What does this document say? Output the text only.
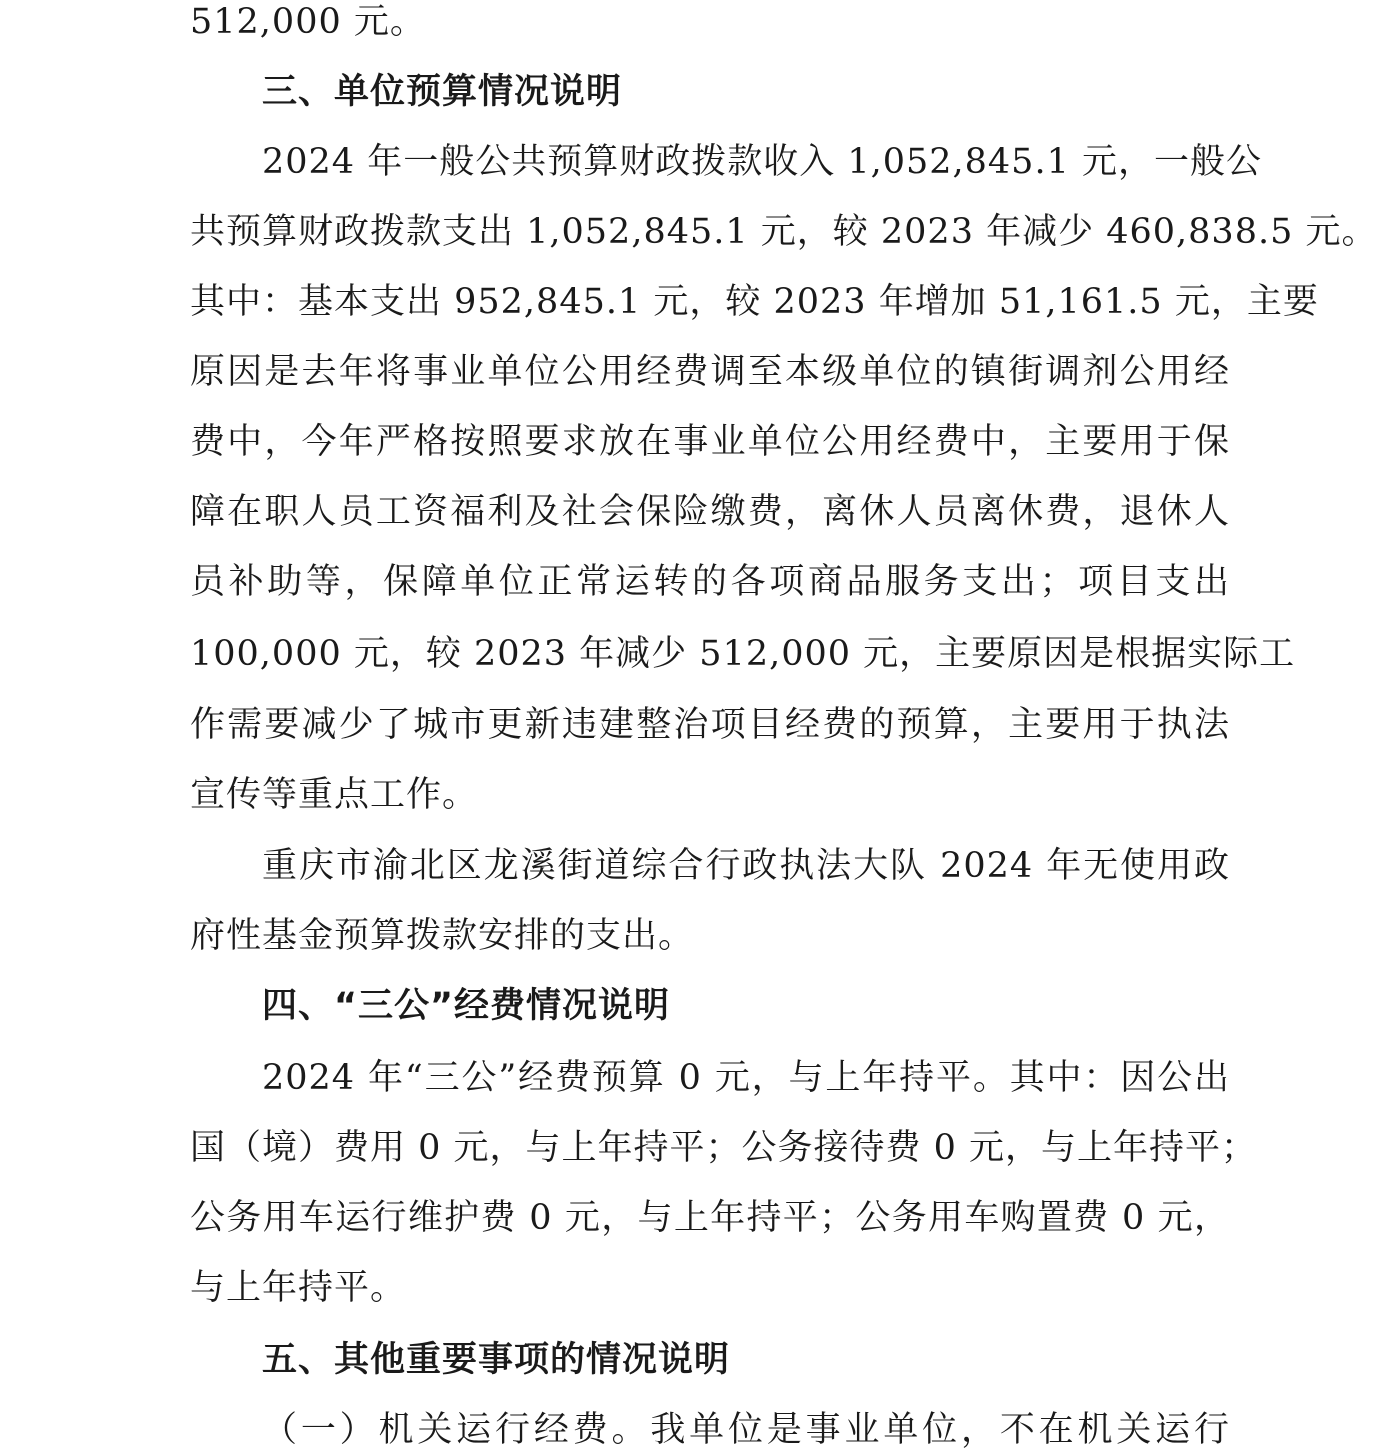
512,000 元。
三、单位预算情况说明
2024 年一般公共预算财政拨款收入 1,052,845.1 元，一般公
共预算财政拨款支出 1,052,845.1 元，较 2023 年减少 460,838.5 元。
其中：基本支出 952,845.1 元，较 2023 年增加 51,161.5 元，主要
原因是去年将事业单位公用经费调至本级单位的镇街调剂公用经
费中，今年严格按照要求放在事业单位公用经费中，主要用于保
障在职人员工资福利及社会保险缴费，离休人员离休费，退休人
员补助等，保障单位正常运转的各项商品服务支出；项目支出
100,000 元，较 2023 年减少 512,000 元，主要原因是根据实际工
作需要减少了城市更新违建整治项目经费的预算，主要用于执法
宣传等重点工作。
重庆市渝北区龙溪街道综合行政执法大队 2024 年无使用政
府性基金预算拨款安排的支出。
四、“三公”经费情况说明
2024 年“三公”经费预算 0 元，与上年持平。其中：因公出
国（境）费用 0 元，与上年持平；公务接待费 0 元，与上年持平；
公务用车运行维护费 0 元，与上年持平；公务用车购置费 0 元，
与上年持平。
五、其他重要事项的情况说明
（一）机关运行经费。我单位是事业单位，不在机关运行
